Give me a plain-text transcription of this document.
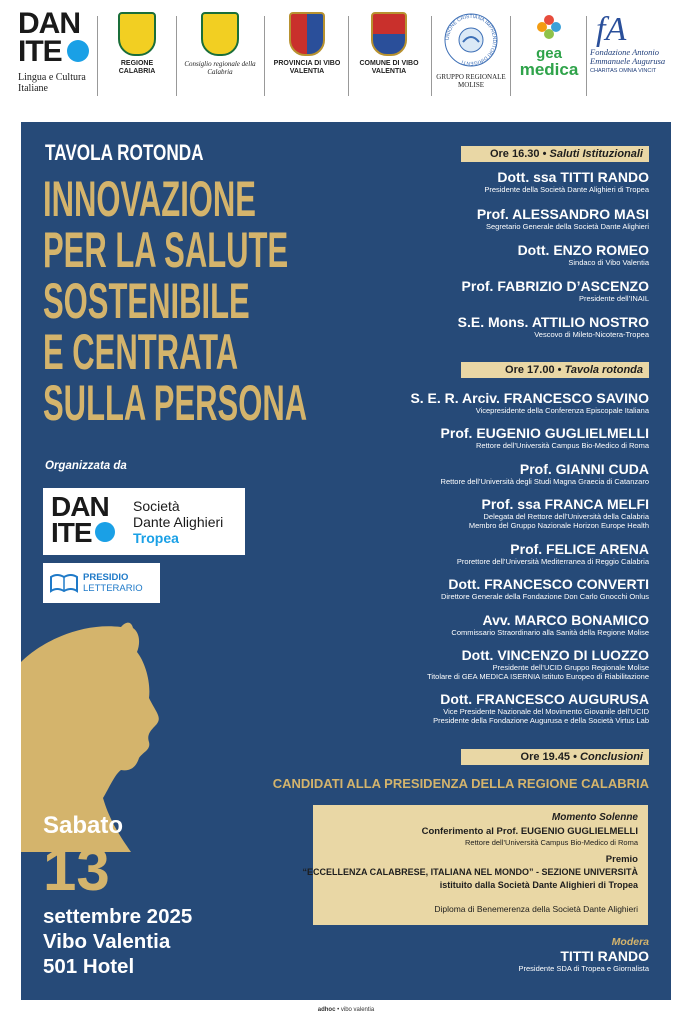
DAN
ITE
Lingua e Cultura Italiane
REGIONE CALABRIA
Consiglio regionale della Calabria
PROVINCIA DI VIBO VALENTIA
COMUNE DI VIBO VALENTIA
UNIONE CRISTIANA IMPRENDITORI DIRIGENTI
GRUPPO REGIONALE MOLISE
gea
medica
fA
Fondazione Antonio
Emmanuele Augurusa
CHARITAS OMNIA VINCIT
TAVOLA ROTONDA
INNOVAZIONE
PER LA SALUTE
SOSTENIBILE
E CENTRATA
SULLA PERSONA
Organizzata da
DAN
ITE
Società
Dante Alighieri
Tropea
PRESIDIO
LETTERARIO
Sabato
13
settembre 2025
Vibo Valentia
501 Hotel
Ore 16.30 • Saluti Istituzionali
Ore 17.00 • Tavola rotonda
Ore 19.45 • Conclusioni
Dott. ssa TITTI RANDO
Presidente della Società Dante Alighieri di Tropea
Prof. ALESSANDRO MASI
Segretario Generale della Società Dante Alighieri
Dott. ENZO ROMEO
Sindaco di Vibo Valentia
Prof. FABRIZIO D’ASCENZO
Presidente dell’INAIL
S.E. Mons. ATTILIO NOSTRO
Vescovo di Mileto-Nicotera-Tropea
S. E. R. Arciv. FRANCESCO SAVINO
Vicepresidente della Conferenza Episcopale Italiana
Prof. EUGENIO GUGLIELMELLI
Rettore dell’Università Campus Bio-Medico di Roma
Prof. GIANNI CUDA
Rettore dell’Università degli Studi Magna Graecia di Catanzaro
Prof. ssa FRANCA MELFI
Delegata del Rettore dell’Università della Calabria
Membro del Gruppo Nazionale Horizon Europe Health
Prof. FELICE ARENA
Prorettore dell’Università Mediterranea di Reggio Calabria
Dott. FRANCESCO CONVERTI
Direttore Generale della Fondazione Don Carlo Gnocchi Onlus
Avv. MARCO BONAMICO
Commissario Straordinario alla Sanità della Regione Molise
Dott. VINCENZO DI LUOZZO
Presidente dell’UCID Gruppo Regionale Molise
Titolare di GEA MEDICA ISERNIA Istituto Europeo di Riabilitazione
Dott. FRANCESCO AUGURUSA
Vice Presidente Nazionale del Movimento Giovanile dell’UCID
Presidente della Fondazione Augurusa e della Società Virtus Lab
CANDIDATI ALLA PRESIDENZA DELLA REGIONE CALABRIA
Momento Solenne
Conferimento al Prof. EUGENIO GUGLIELMELLI
Rettore dell’Università Campus Bio-Medico di Roma
Premio
“ECCELLENZA CALABRESE, ITALIANA NEL MONDO” - SEZIONE UNIVERSITÀ
istituito dalla Società Dante Alighieri di Tropea
Diploma di Benemerenza della Società Dante Alighieri
Modera
TITTI RANDO
Presidente SDA di Tropea e Giornalista
adhoc • vibo valentia
